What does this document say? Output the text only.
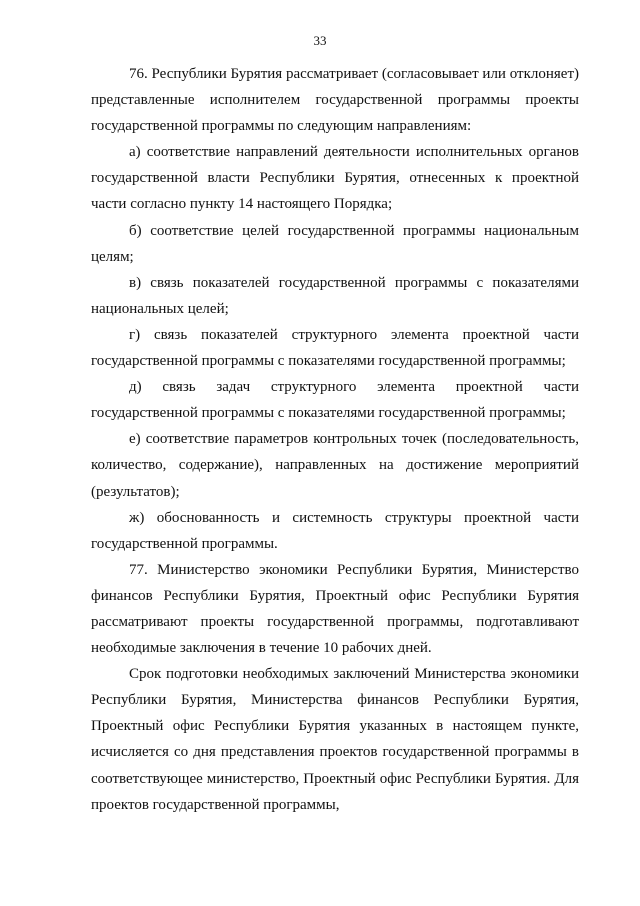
33

76. Республики Бурятия рассматривает (согласовывает или отклоняет) представленные исполнителем государственной программы проекты государственной программы по следующим направлениям:

а) соответствие направлений деятельности исполнительных органов государственной власти Республики Бурятия, отнесенных к проектной части согласно пункту 14 настоящего Порядка;

б) соответствие целей государственной программы национальным целям;

в) связь показателей государственной программы с показателями национальных целей;

г) связь показателей структурного элемента проектной части государственной программы с показателями государственной программы;

д) связь задач структурного элемента проектной части государственной программы с показателями государственной программы;

е) соответствие параметров контрольных точек (последовательность, количество, содержание), направленных на достижение мероприятий (результатов);

ж) обоснованность и системность структуры проектной части государственной программы.

77. Министерство экономики Республики Бурятия, Министерство финансов Республики Бурятия, Проектный офис Республики Бурятия рассматривают проекты государственной программы, подготавливают необходимые заключения в течение 10 рабочих дней.

Срок подготовки необходимых заключений Министерства экономики Республики Бурятия, Министерства финансов Республики Бурятия, Проектный офис Республики Бурятия указанных в настоящем пункте, исчисляется со дня представления проектов государственной программы в соответствующее министерство, Проектный офис Республики Бурятия. Для проектов государственной программы,
